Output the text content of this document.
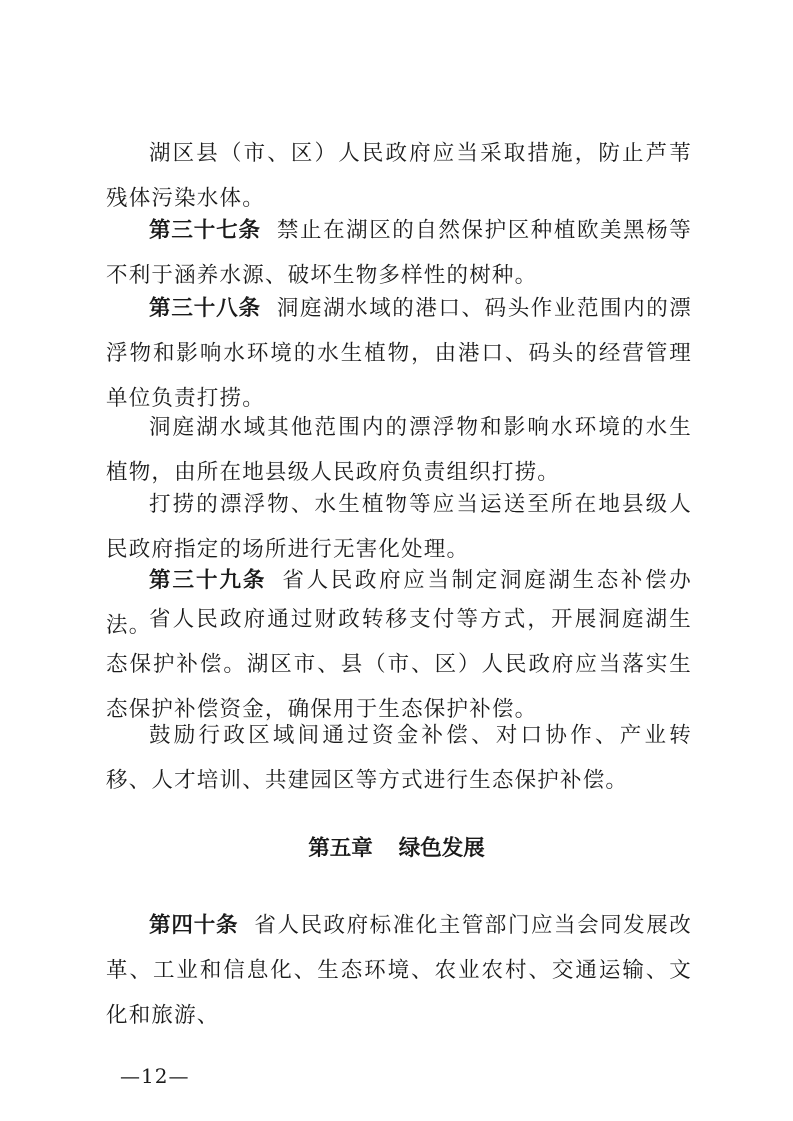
湖区县（市、区）人民政府应当采取措施，防止芦苇残体污染水体。

第三十七条 禁止在湖区的自然保护区种植欧美黑杨等不利于涵养水源、破坏生物多样性的树种。

第三十八条 洞庭湖水域的港口、码头作业范围内的漂浮物和影响水环境的水生植物，由港口、码头的经营管理单位负责打捞。

洞庭湖水域其他范围内的漂浮物和影响水环境的水生植物，由所在地县级人民政府负责组织打捞。

打捞的漂浮物、水生植物等应当运送至所在地县级人民政府指定的场所进行无害化处理。

第三十九条 省人民政府应当制定洞庭湖生态补偿办法。

省人民政府通过财政转移支付等方式，开展洞庭湖生态保护补偿。湖区市、县（市、区）人民政府应当落实生态保护补偿资金，确保用于生态保护补偿。

鼓励行政区域间通过资金补偿、对口协作、产业转移、人才培训、共建园区等方式进行生态保护补偿。

第五章 绿色发展

第四十条 省人民政府标准化主管部门应当会同发展改革、工业和信息化、生态环境、农业农村、交通运输、文化和旅游、

—12—
